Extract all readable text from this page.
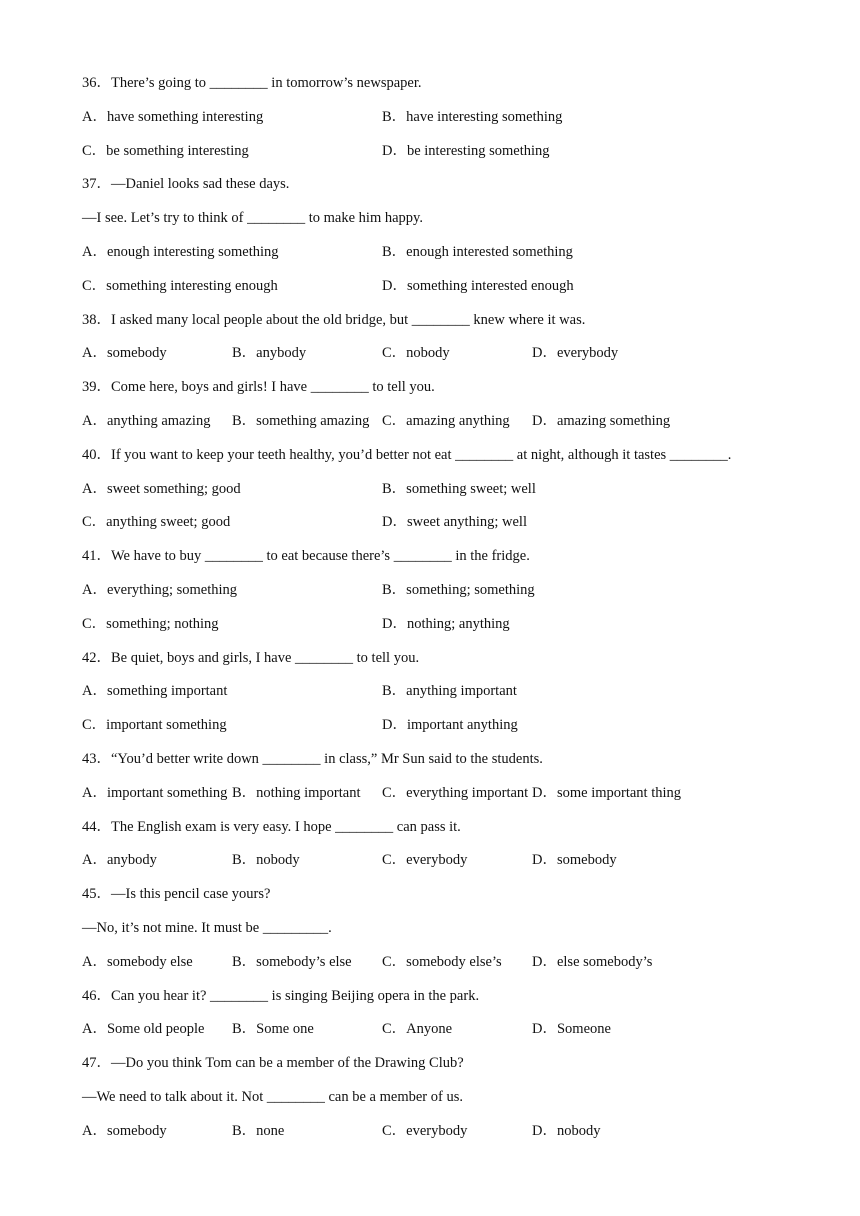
36．There’s going to ________ in tomorrow’s newspaper.
A．have something interesting	B．have interesting something
C．be something interesting	D．be interesting something
37．—Daniel looks sad these days.
—I see. Let’s try to think of ________ to make him happy.
A．enough interesting something	B．enough interested something
C．something interesting enough	D．something interested enough
38．I asked many local people about the old bridge, but ________ knew where it was.
A．somebody	B．anybody	C．nobody	D．everybody
39．Come here, boys and girls! I have ________ to tell you.
A．anything amazing B．something amazing C．amazing anything D．amazing something
40．If you want to keep your teeth healthy, you’d better not eat ________ at night, although it tastes ________.
A．sweet something; good	B．something sweet; well
C．anything sweet; good	D．sweet anything; well
41．We have to buy ________ to eat because there’s ________ in the fridge.
A．everything; something	B．something; something
C．something; nothing	D．nothing; anything
42．Be quiet, boys and girls, I have ________ to tell you.
A．something important	B．anything important
C．important something	D．important anything
43．“You’d better write down ________ in class,” Mr Sun said to the students.
A．important something B．nothing important C．everything important D．some important thing
44．The English exam is very easy. I hope ________ can pass it.
A．anybody	B．nobody	C．everybody	D．somebody
45．—Is this pencil case yours?
—No, it’s not mine. It must be _________.
A．somebody else	B．somebody’s else C．somebody else’s D．else somebody’s
46．Can you hear it? ________ is singing Beijing opera in the park.
A．Some old people B．Some one	C．Anyone	D．Someone
47．—Do you think Tom can be a member of the Drawing Club?
—We need to talk about it. Not ________ can be a member of us.
A．somebody	B．none	C．everybody	D．nobody
